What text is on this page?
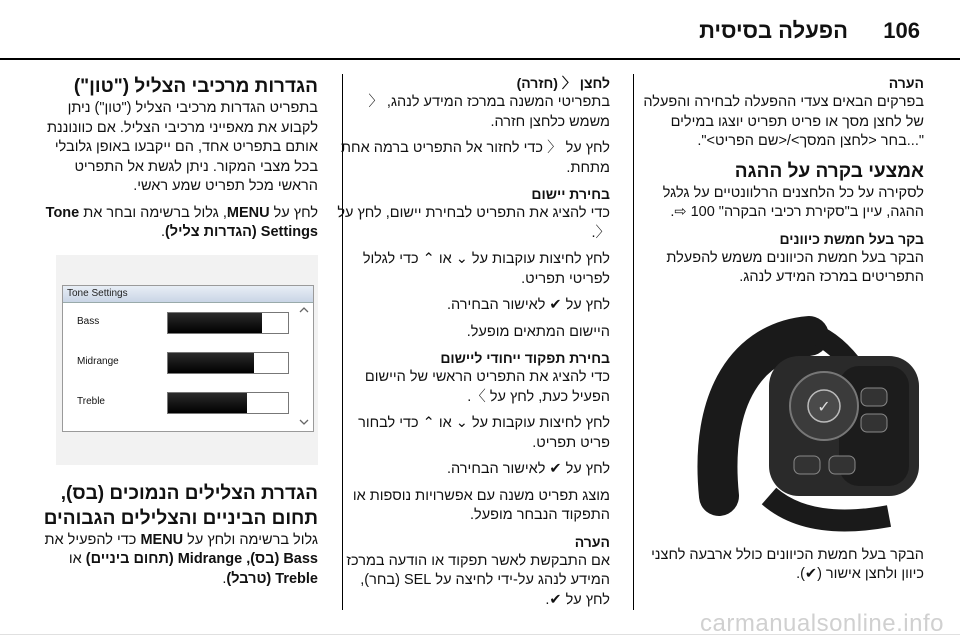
106
הפעלה בסיסית
הערה

בפרקים הבאים צעדי ההפעלה לבחירה והפעלה של לחצן מסך או פריט תפריט יוצגו במילים "...בחר <לחצן המסך>/<שם הפריט>".

אמצעי בקרה על ההגה

לסקירה על כל הלחצנים הרלוונטיים על גלגל ההגה, עיין ב"סקירת רכיבי הבקרה" 100 ⇨.

בקר בעל חמשת כיוונים

הבקר בעל חמשת הכיוונים משמש להפעלת התפריטים במרכז המידע לנהג.

✓

הבקר בעל חמשת הכיוונים כולל ארבעה לחצני כיוון ולחצן אישור (✔).

לחצן 〈 (חזרה)

בתפריטי המשנה במרכז המידע לנהג, 〈 משמש כלחצן חזרה.

לחץ על 〈 כדי לחזור אל התפריט ברמה אחת מתחת.

בחירת יישום

כדי להציג את התפריט לבחירת יישום, לחץ על 〈.

לחץ לחיצות עוקבות על ⌄ או ⌃ כדי לגלול לפריטי תפריט.

לחץ על ✔ לאישור הבחירה.

היישום המתאים מופעל.

בחירת תפקוד ייחודי ליישום

כדי להציג את התפריט הראשי של היישום הפעיל כעת, לחץ על 〉.

לחץ לחיצות עוקבות על ⌄ או ⌃ כדי לבחור פריט תפריט.

לחץ על ✔ לאישור הבחירה.

מוצג תפריט משנה עם אפשרויות נוספות או התפקוד הנבחר מופעל.

הערה

אם התבקשת לאשר תפקוד או הודעה במרכז המידע לנהג על-ידי לחיצה על SEL (בחר), לחץ על ✔.

הגדרות מרכיבי הצליל ("טון")

בתפריט הגדרות מרכיבי הצליל ("טון") ניתן לקבוע את מאפייני מרכיבי הצליל. אם כוונוננת אותם בתפריט אחד, הם ייקבעו באופן גלובלי בכל מצבי המקור. ניתן לגשת אל התפריט הראשי מכל תפריט שמע ראשי.

לחץ על MENU, גלול ברשימה ובחר את Tone Settings (הגדרות צליל).

Tone Settings
Bass
Midrange
Treble
הגדרת הצלילים הנמוכים (בס), תחום הביניים והצלילים הגבוהים

גלול ברשימה ולחץ על MENU כדי להפעיל את Bass (בס), Midrange (תחום ביניים) או Treble (טרבל).

carmanualsonline.info
